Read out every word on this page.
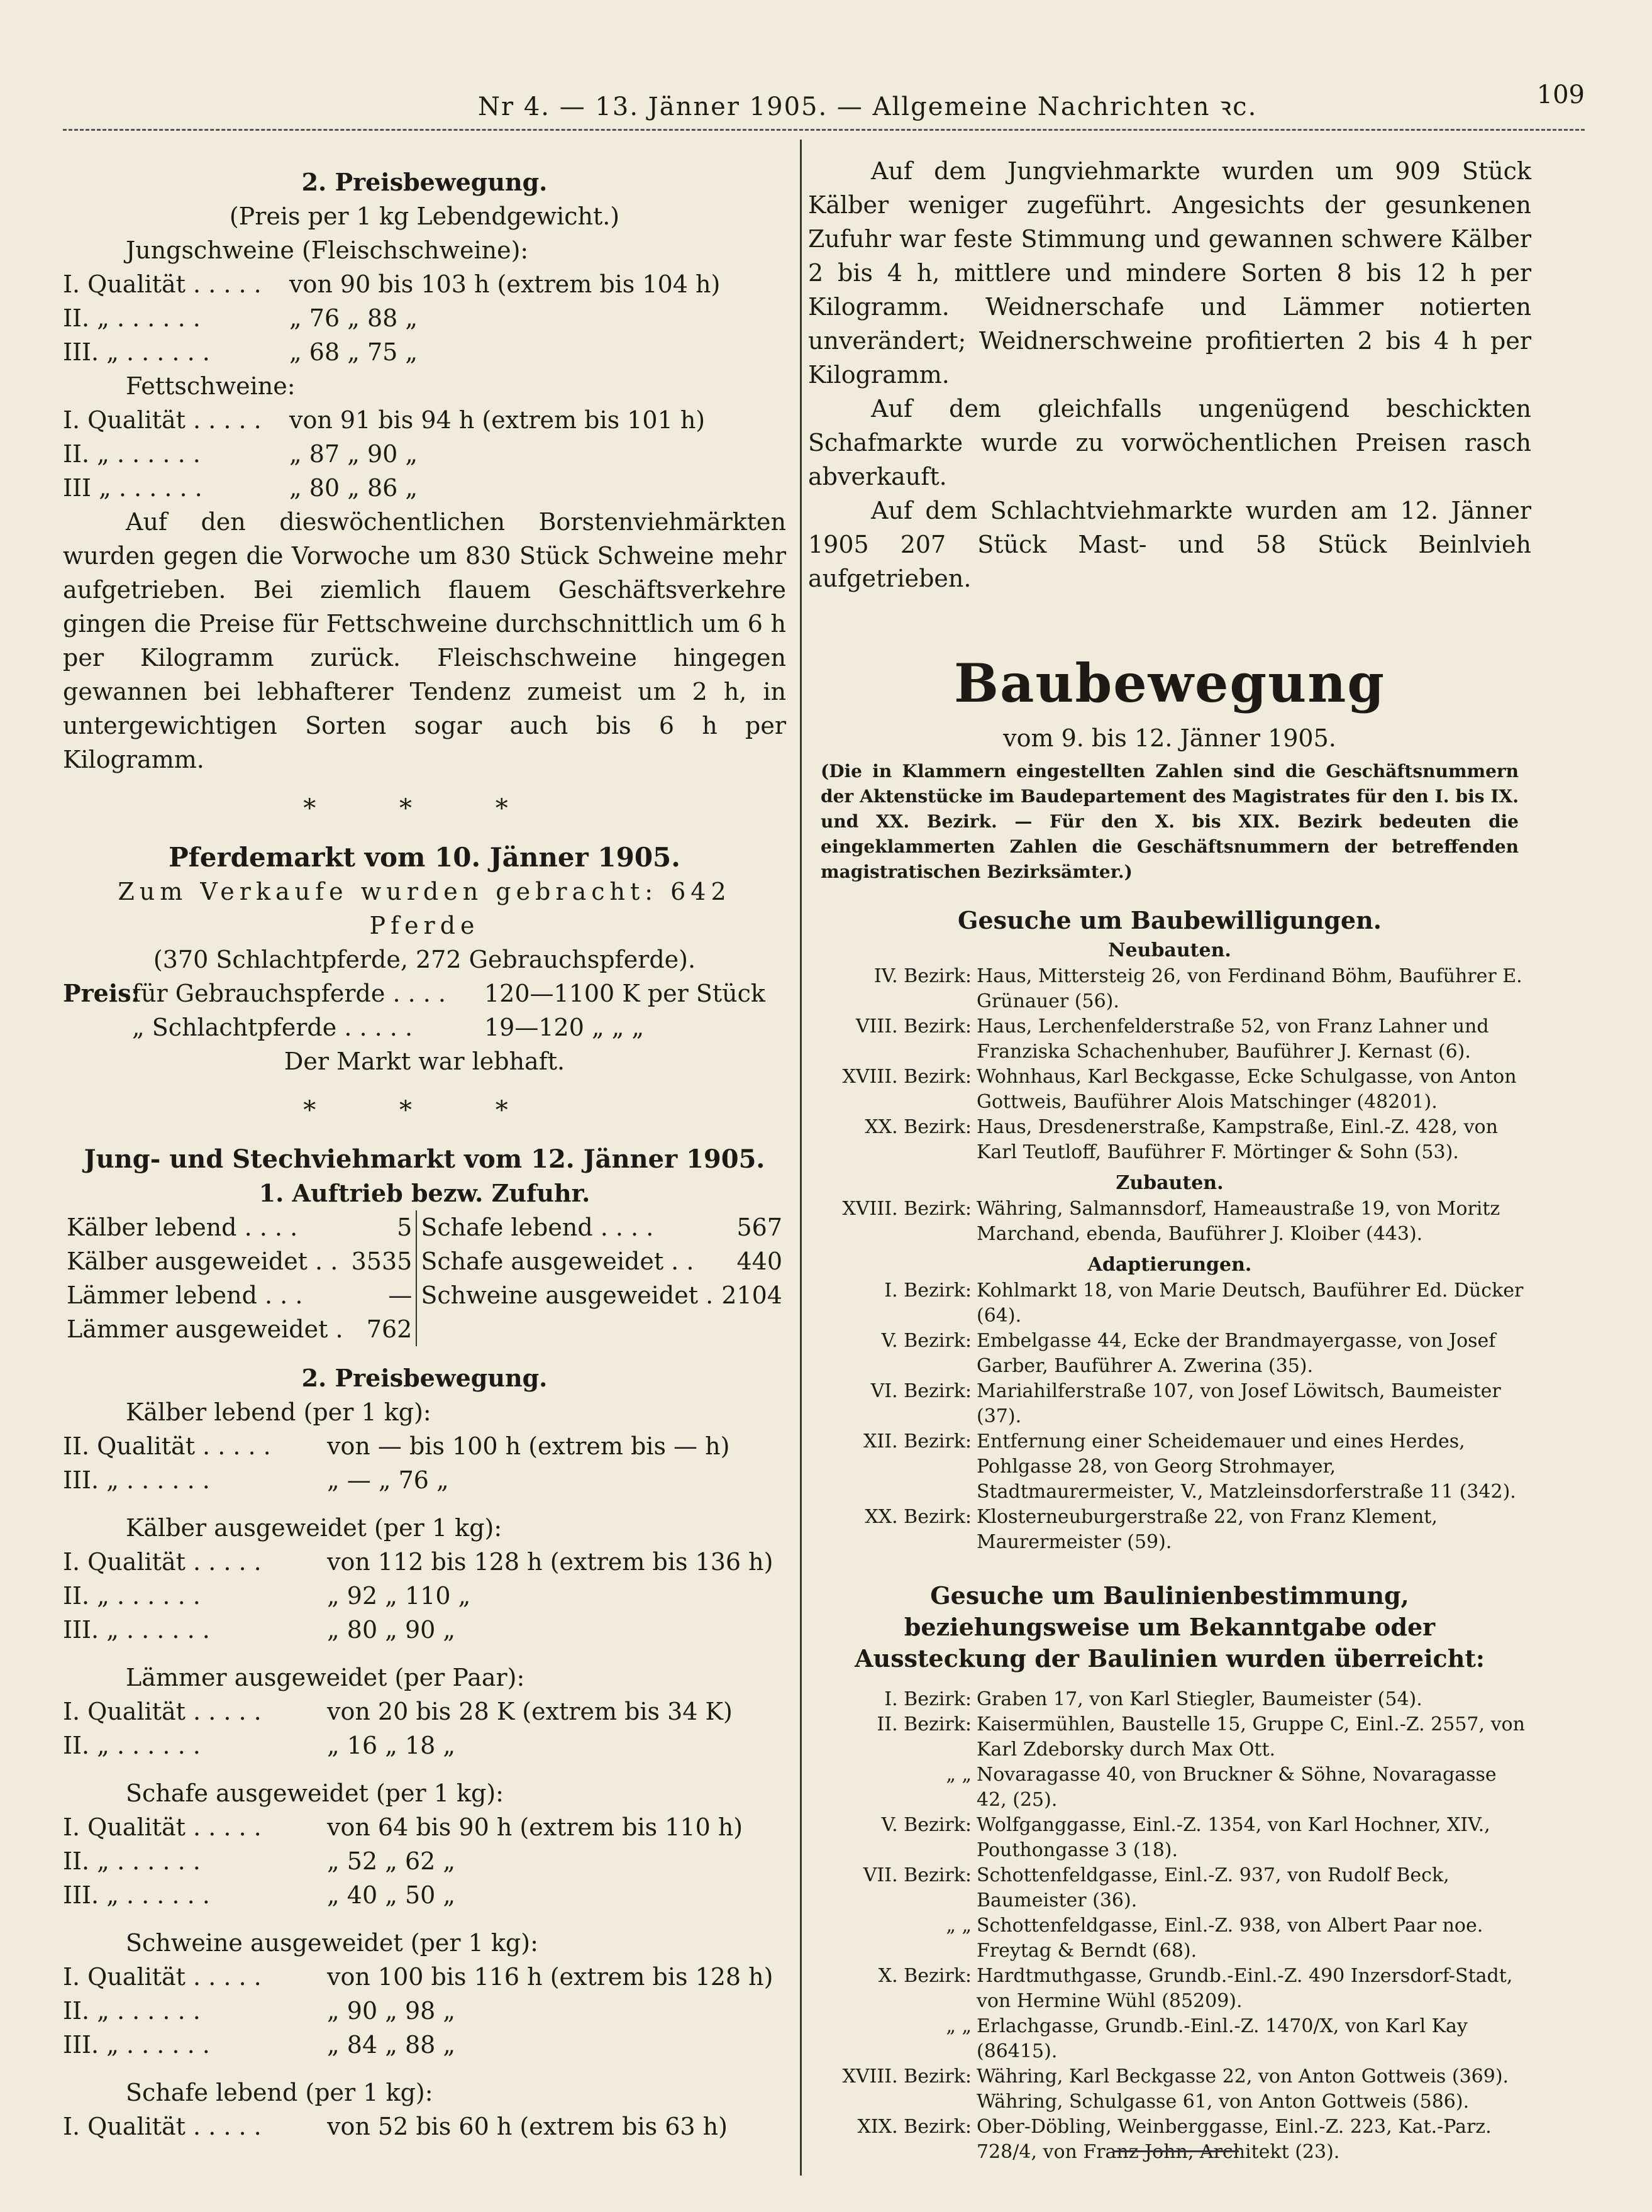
Nr 4. — 13. Jänner 1905. — Allgemeine Nachrichten ꝛc.	109
2. Preisbewegung.
(Preis per 1 kg Lebendgewicht.)
Jungschweine (Fleischschweine):
I. Qualität . . . . .	von 90 bis 103 h (extrem bis 104 h)
II. „ . . . . . .	„ 76 „ 88 „
III. „ . . . . . .	„ 68 „ 75 „
Fettschweine:
I. Qualität . . . . .	von 91 bis 94 h (extrem bis 101 h)
II. „ . . . . . .	„ 87 „ 90 „
III „ . . . . . .	„ 80 „ 86 „

Auf den dieswöchentlichen Borstenviehmärkten wurden gegen die Vorwoche um 830 Stück Schweine mehr aufgetrieben. Bei ziemlich flauem Geschäftsverkehre gingen die Preise für Fettschweine durchschnittlich um 6 h per Kilogramm zurück. Fleischschweine hingegen gewannen bei lebhafterer Tendenz zumeist um 2 h, in untergewichtigen Sorten sogar auch bis 6 h per Kilogramm.

* * *
Pferdemarkt vom 10. Jänner 1905.
Zum Verkaufe wurden gebracht: 642 Pferde
(370 Schlachtpferde, 272 Gebrauchspferde).
Preis:
für Gebrauchspferde . . . .	120—1100 K per Stück
„ Schlachtpferde . . . . .	19—120 „ „ „
Der Markt war lebhaft.
* * *
Jung- und Stechviehmarkt vom 12. Jänner 1905.
1. Auftrieb bezw. Zufuhr.
Kälber lebend . . . .	5	Schafe lebend . . . .	567
Kälber ausgeweidet . .	3535	Schafe ausgeweidet . .	440
Lämmer lebend . . .	—	Schweine ausgeweidet .	2104
Lämmer ausgeweidet .	762		
2. Preisbewegung.
Kälber lebend (per 1 kg):
II. Qualität . . . . .	von — bis 100 h (extrem bis — h)
III. „ . . . . . .	„ — „ 76 „
Kälber ausgeweidet (per 1 kg):
I. Qualität . . . . .	von 112 bis 128 h (extrem bis 136 h)
II. „ . . . . . .	„ 92 „ 110 „
III. „ . . . . . .	„ 80 „ 90 „
Lämmer ausgeweidet (per Paar):
I. Qualität . . . . .	von 20 bis 28 K (extrem bis 34 K)
II. „ . . . . . .	„ 16 „ 18 „
Schafe ausgeweidet (per 1 kg):
I. Qualität . . . . .	von 64 bis 90 h (extrem bis 110 h)
II. „ . . . . . .	„ 52 „ 62 „
III. „ . . . . . .	„ 40 „ 50 „
Schweine ausgeweidet (per 1 kg):
I. Qualität . . . . .	von 100 bis 116 h (extrem bis 128 h)
II. „ . . . . . .	„ 90 „ 98 „
III. „ . . . . . .	„ 84 „ 88 „
Schafe lebend (per 1 kg):
I. Qualität . . . . .	von 52 bis 60 h (extrem bis 63 h)

Auf dem Jungviehmarkte wurden um 909 Stück Kälber weniger zugeführt. Angesichts der gesunkenen Zufuhr war feste Stimmung und gewannen schwere Kälber 2 bis 4 h, mittlere und mindere Sorten 8 bis 12 h per Kilogramm. Weidnerschafe und Lämmer notierten unverändert; Weidnerschweine profitierten 2 bis 4 h per Kilogramm.

Auf dem gleichfalls ungenügend beschickten Schafmarkte wurde zu vorwöchentlichen Preisen rasch abverkauft.

Auf dem Schlachtviehmarkte wurden am 12. Jänner 1905 207 Stück Mast- und 58 Stück Beinlvieh aufgetrieben.

Baubewegung
vom 9. bis 12. Jänner 1905.
(Die in Klammern eingestellten Zahlen sind die Geschäftsnummern der Aktenstücke im Baudepartement des Magistrates für den I. bis IX. und XX. Bezirk. — Für den X. bis XIX. Bezirk bedeuten die eingeklammerten Zahlen die Geschäftsnummern der betreffenden magistratischen Bezirksämter.)
Gesuche um Baubewilligungen.
Neubauten.
IV. Bezirk: Haus, Mittersteig 26, von Ferdinand Böhm, Bauführer E. Grünauer (56).
VIII. Bezirk: Haus, Lerchenfelderstraße 52, von Franz Lahner und Franziska Schachenhuber, Bauführer J. Kernast (6).
XVIII. Bezirk: Wohnhaus, Karl Beckgasse, Ecke Schulgasse, von Anton Gottweis, Bauführer Alois Matschinger (48201).
XX. Bezirk: Haus, Dresdenerstraße, Kampstraße, Einl.-Z. 428, von Karl Teutloff, Bauführer F. Mörtinger & Sohn (53).
Zubauten.
XVIII. Bezirk: Währing, Salmannsdorf, Hameaustraße 19, von Moritz Marchand, ebenda, Bauführer J. Kloiber (443).
Adaptierungen.
I. Bezirk: Kohlmarkt 18, von Marie Deutsch, Bauführer Ed. Dücker (64).
V. Bezirk: Embelgasse 44, Ecke der Brandmayergasse, von Josef Garber, Bauführer A. Zwerina (35).
VI. Bezirk: Mariahilferstraße 107, von Josef Löwitsch, Baumeister (37).
XII. Bezirk: Entfernung einer Scheidemauer und eines Herdes, Pohlgasse 28, von Georg Strohmayer, Stadtmaurermeister, V., Matzleinsdorferstraße 11 (342).
XX. Bezirk: Klosterneuburgerstraße 22, von Franz Klement, Maurermeister (59).
Gesuche um Baulinienbestimmung, beziehungsweise um Bekanntgabe oder Aussteckung der Baulinien wurden überreicht:
I. Bezirk: Graben 17, von Karl Stiegler, Baumeister (54).
II. Bezirk: Kaisermühlen, Baustelle 15, Gruppe C, Einl.-Z. 2557, von Karl Zdeborsky durch Max Ott.
„ „ Novaragasse 40, von Bruckner & Söhne, Novaragasse 42, (25).
V. Bezirk: Wolfganggasse, Einl.-Z. 1354, von Karl Hochner, XIV., Pouthongasse 3 (18).
VII. Bezirk: Schottenfeldgasse, Einl.-Z. 937, von Rudolf Beck, Baumeister (36).
„ „ Schottenfeldgasse, Einl.-Z. 938, von Albert Paar noe. Freytag & Berndt (68).
X. Bezirk: Hardtmuthgasse, Grundb.-Einl.-Z. 490 Inzersdorf-Stadt, von Hermine Wühl (85209).
„ „ Erlachgasse, Grundb.-Einl.-Z. 1470/X, von Karl Kay (86415).
XVIII. Bezirk: Währing, Karl Beckgasse 22, von Anton Gottweis (369).
Währing, Schulgasse 61, von Anton Gottweis (586).
XIX. Bezirk: Ober-Döbling, Weinberggasse, Einl.-Z. 223, Kat.-Parz. 728/4, von Franz John, Architekt (23).
